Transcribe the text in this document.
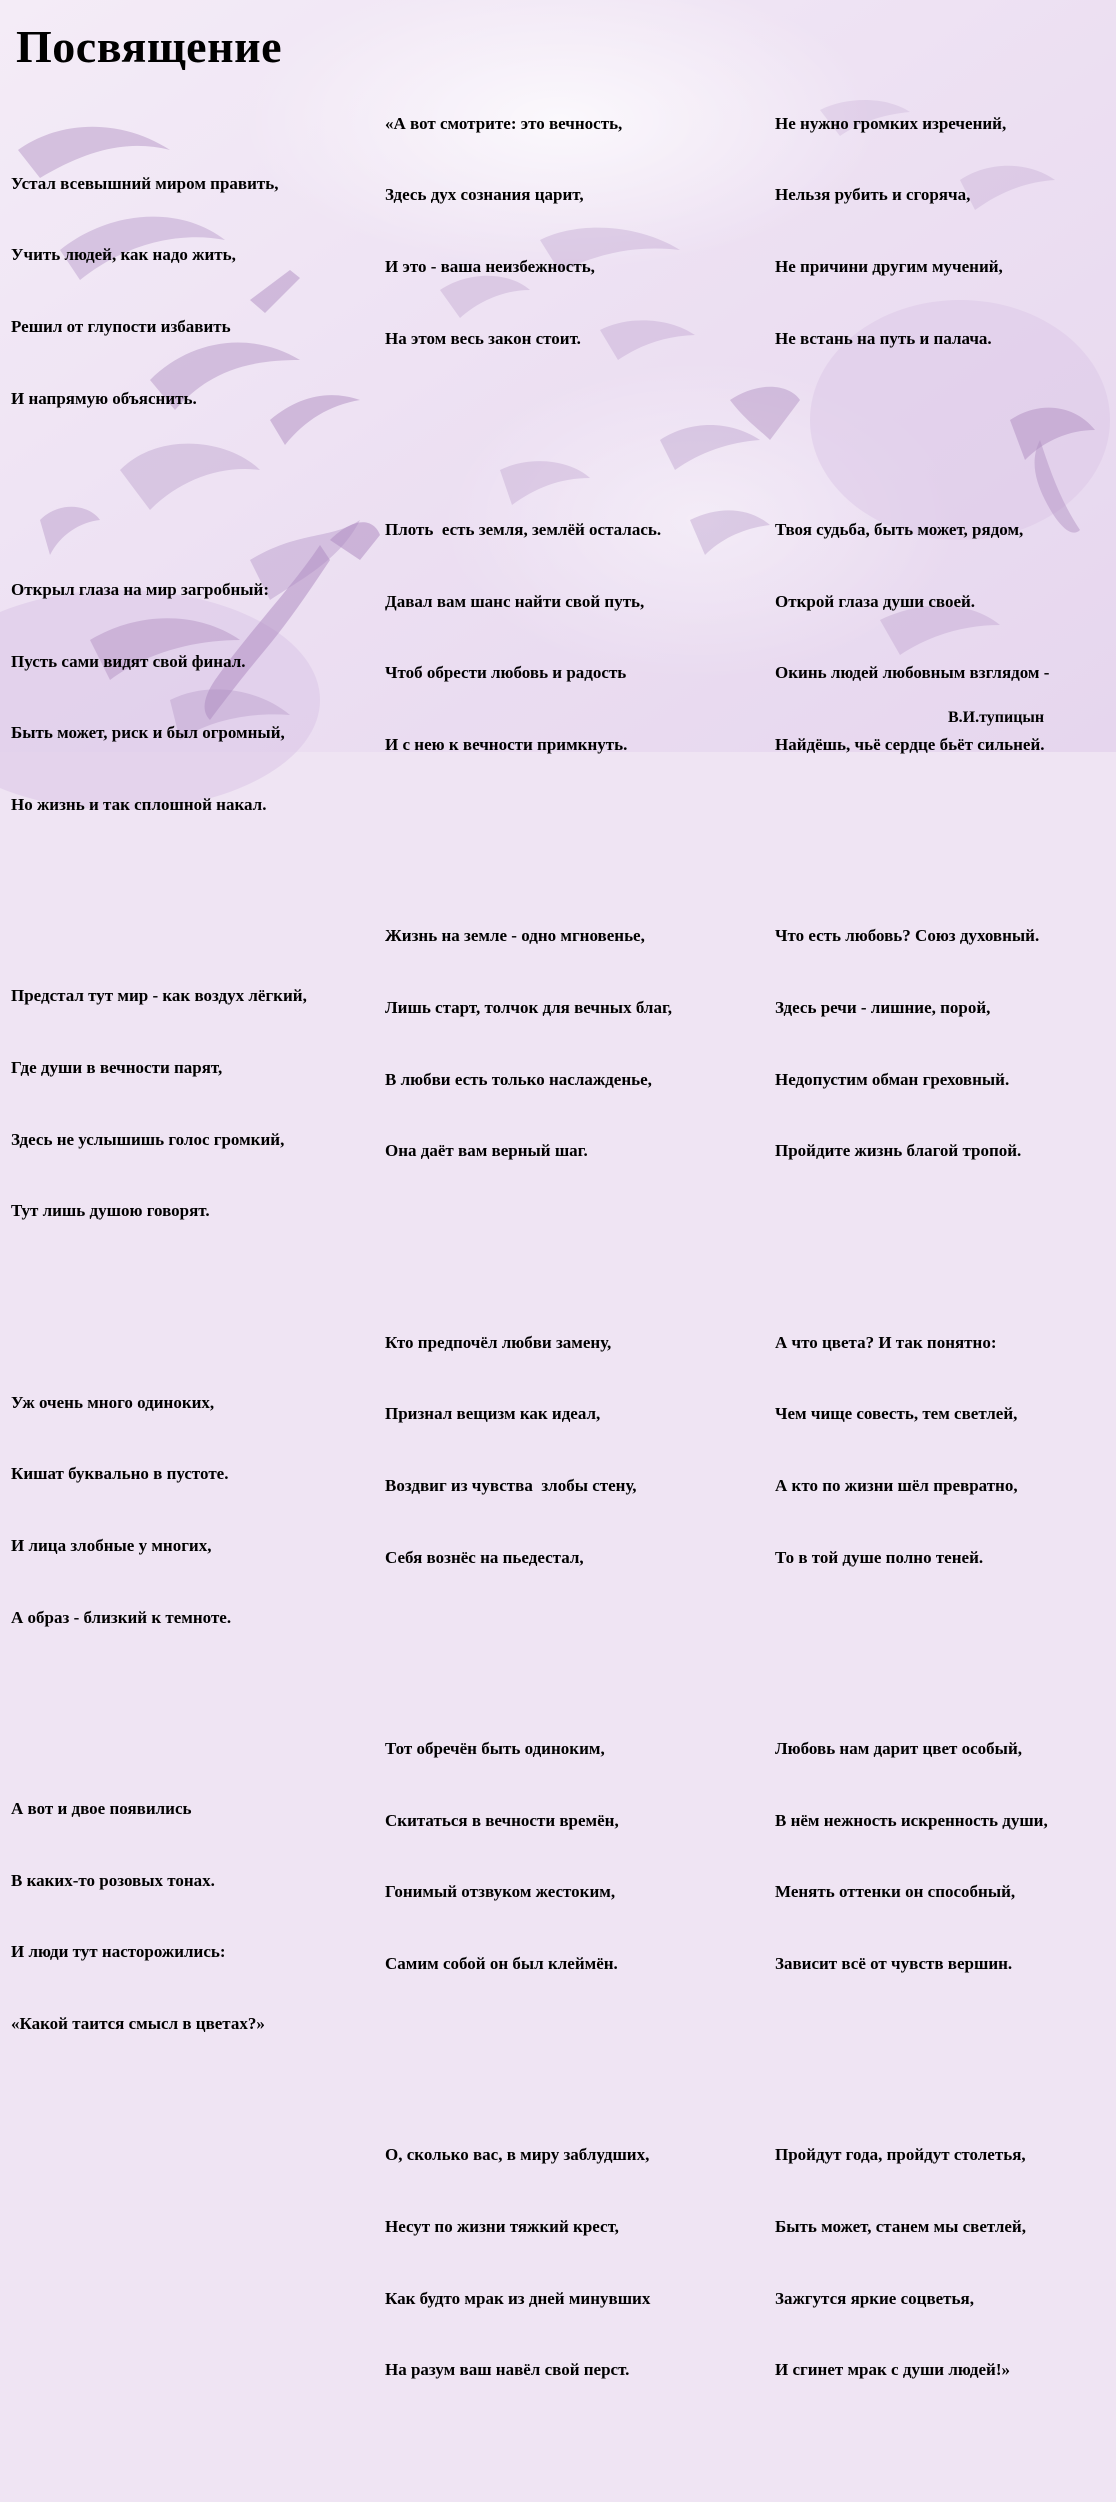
Посвящение

Устал всевышний миром править,

Учить людей, как надо жить,

Решил от глупости избавить

И напрямую объяснить.

Открыл глаза на мир загробный:

Пусть сами видят свой финал.

Быть может, риск и был огромный,

Но жизнь и так сплошной накал.

Предстал тут мир - как воздух лёгкий,

Где души в вечности парят,

Здесь не услышишь голос громкий,

Тут лишь душою говорят.

Уж очень много одиноких,

Кишат буквально в пустоте.

И лица злобные у многих,

А образ - близкий к темноте.

А вот и двое появились

В каких-то розовых тонах.

И люди тут насторожились:

«Какой таится смысл в цветах?»

«А вот смотрите: это вечность,

Здесь дух сознания царит,

И это - ваша неизбежность,

На этом весь закон стоит.

Плоть  есть земля, землёй осталась.

Давал вам шанс найти свой путь,

Чтоб обрести любовь и радость

И с нею к вечности примкнуть.

Жизнь на земле - одно мгновенье,

Лишь старт, толчок для вечных благ,

В любви есть только наслажденье,

Она даёт вам верный шаг.

Кто предпочёл любви замену,

Признал вещизм как идеал,

Воздвиг из чувства  злобы стену,

Себя вознёс на пьедестал,

Тот обречён быть одиноким,

Скитаться в вечности времён,

Гонимый отзвуком жестоким,

Самим собой он был клеймён.

О, сколько вас, в миру заблудших,

Несут по жизни тяжкий крест,

Как будто мрак из дней минувших

На разум ваш навёл свой перст.

Не нужно громких изречений,

Нельзя рубить и сгоряча,

Не причини другим мучений,

Не встань на путь и палача.

Твоя судьба, быть может, рядом,

Открой глаза души своей.

Окинь людей любовным взглядом -

Найдёшь, чьё сердце бьёт сильней.

Что есть любовь? Союз духовный.

Здесь речи - лишние, порой,

Недопустим обман греховный.

Пройдите жизнь благой тропой.

А что цвета? И так понятно:

Чем чище совесть, тем светлей,

А кто по жизни шёл превратно,

То в той душе полно теней.

Любовь нам дарит цвет особый,

В нём нежность искренность души,

Менять оттенки он способный,

Зависит всё от чувств вершин.

Пройдут года, пройдут столетья,

Быть может, станем мы светлей,

Зажгутся яркие соцветья,

И сгинет мрак с души людей!»

В.И.тупицын
